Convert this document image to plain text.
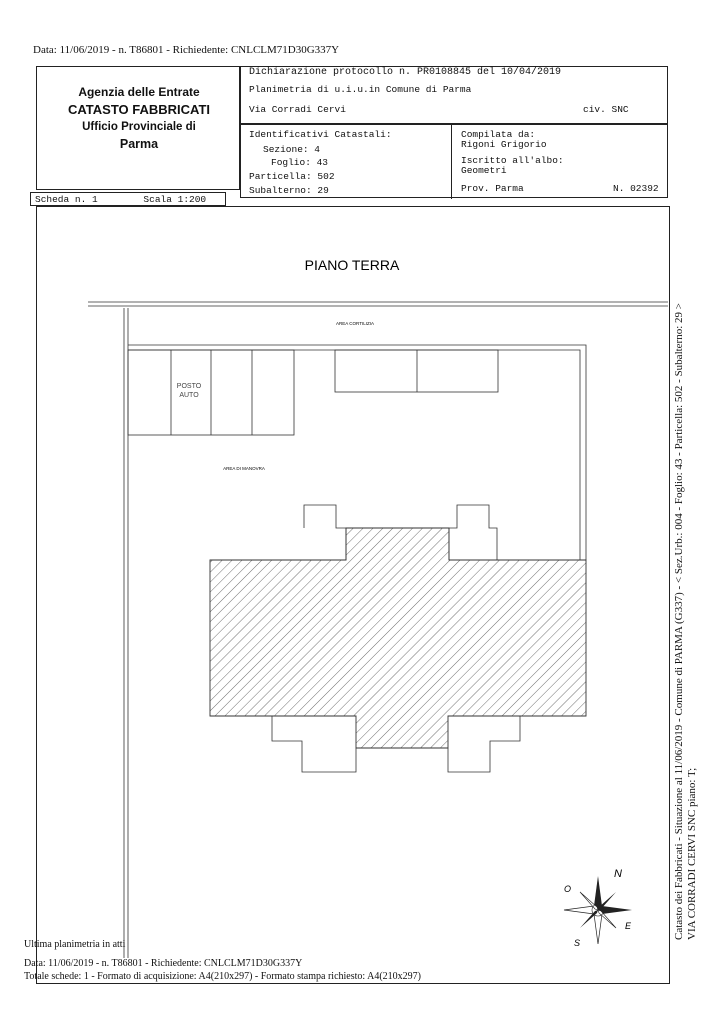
Data: 11/06/2019 - n. T86801 - Richiedente: CNLCLM71D30G337Y
Agenzia delle Entrate
CATASTO FABBRICATI
Ufficio Provinciale di
Parma
Dichiarazione protocollo n. PR0108845 del 10/04/2019
Planimetria di u.i.u.in Comune di Parma
Via Corradi Cervi	civ. SNC
Identificativi Catastali:
Sezione: 4
Foglio: 43
Particella: 502
Subalterno: 29
Compilata da:
Rigoni Grigorio
Iscritto all'albo:
Geometri
Prov. Parma	N. 02392
Scheda n. 1	Scala 1:200
PIANO TERRA
AREA CORTILIZIA
POSTO
AUTO
AREA DI MANOVRA
N
O
E
S
Catasto dei Fabbricati - Situazione al 11/06/2019 - Comune di PARMA (G337) - < Sez.Urb.: 004 - Foglio: 43 - Particella: 502 - Subalterno: 29 > VIA CORRADI CERVI SNC piano: T;
Ultima planimetria in atti
Data: 11/06/2019 - n. T86801 - Richiedente: CNLCLM71D30G337Y
Totale schede: 1 - Formato di acquisizione: A4(210x297) - Formato stampa richiesto: A4(210x297)
